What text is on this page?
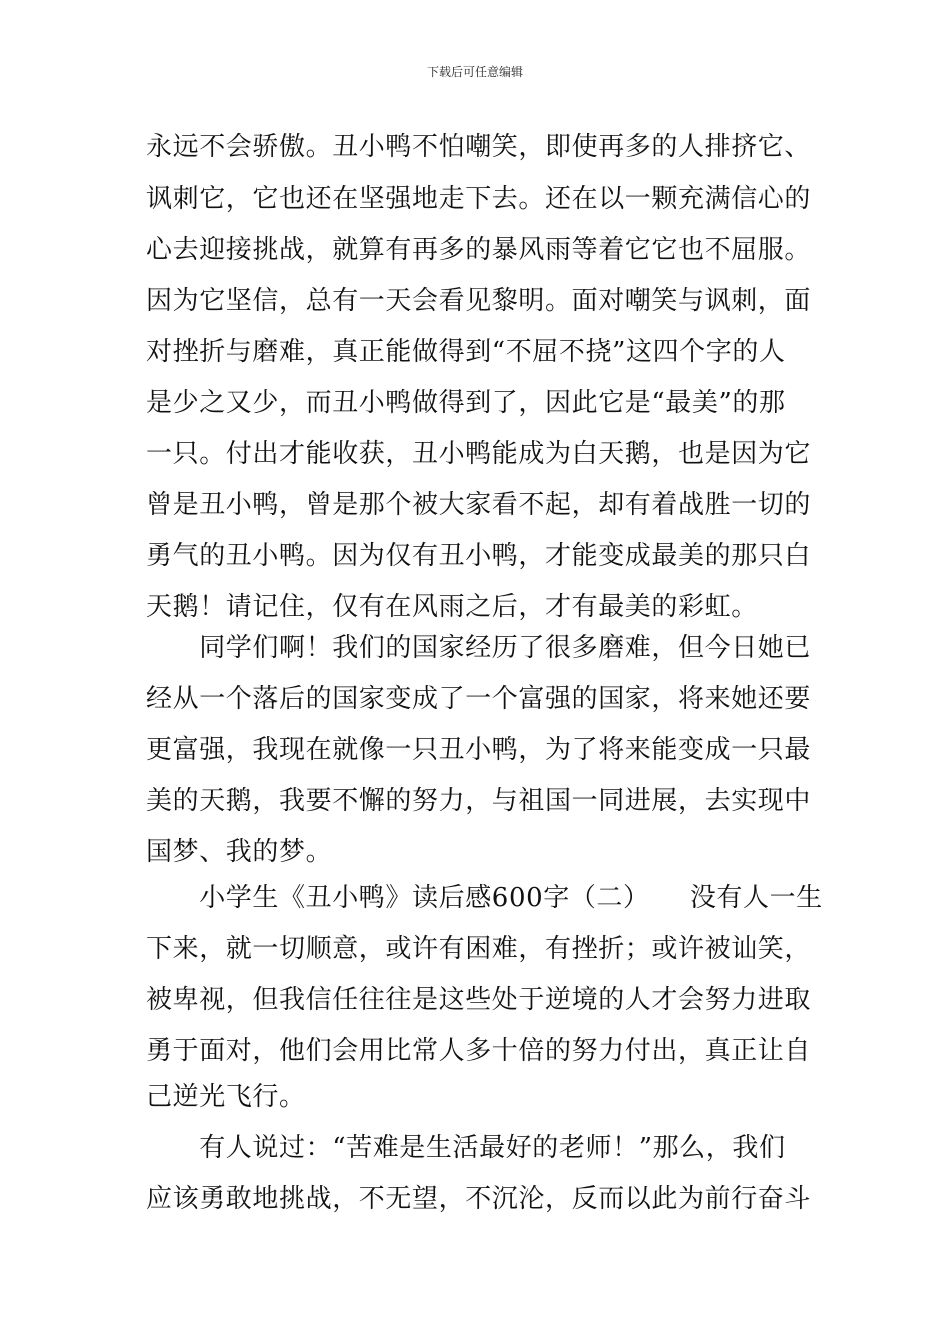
下载后可任意编辑
永远不会骄傲。丑小鸭不怕嘲笑，即使再多的人排挤它、
讽刺它，它也还在坚强地走下去。还在以一颗充满信心的
心去迎接挑战，就算有再多的暴风雨等着它它也不屈服。
因为它坚信，总有一天会看见黎明。面对嘲笑与讽刺，面
对挫折与磨难，真正能做得到“不屈不挠”这四个字的人
是少之又少，而丑小鸭做得到了，因此它是“最美”的那
一只。付出才能收获，丑小鸭能成为白天鹅，也是因为它
曾是丑小鸭，曾是那个被大家看不起，却有着战胜一切的
勇气的丑小鸭。因为仅有丑小鸭，才能变成最美的那只白
天鹅！请记住，仅有在风雨之后，才有最美的彩虹。
　　同学们啊！我们的国家经历了很多磨难，但今日她已
经从一个落后的国家变成了一个富强的国家，将来她还要
更富强，我现在就像一只丑小鸭，为了将来能变成一只最
美的天鹅，我要不懈的努力，与祖国一同进展，去实现中
国梦、我的梦。
　　小学生《丑小鸭》读后感600字（二）　　没有人一生
下来，就一切顺意，或许有困难，有挫折；或许被讪笑，
被卑视，但我信任往往是这些处于逆境的人才会努力进取
勇于面对，他们会用比常人多十倍的努力付出，真正让自
己逆光飞行。
　　有人说过：“苦难是生活最好的老师！”那么，我们
应该勇敢地挑战，不无望，不沉沦，反而以此为前行奋斗
